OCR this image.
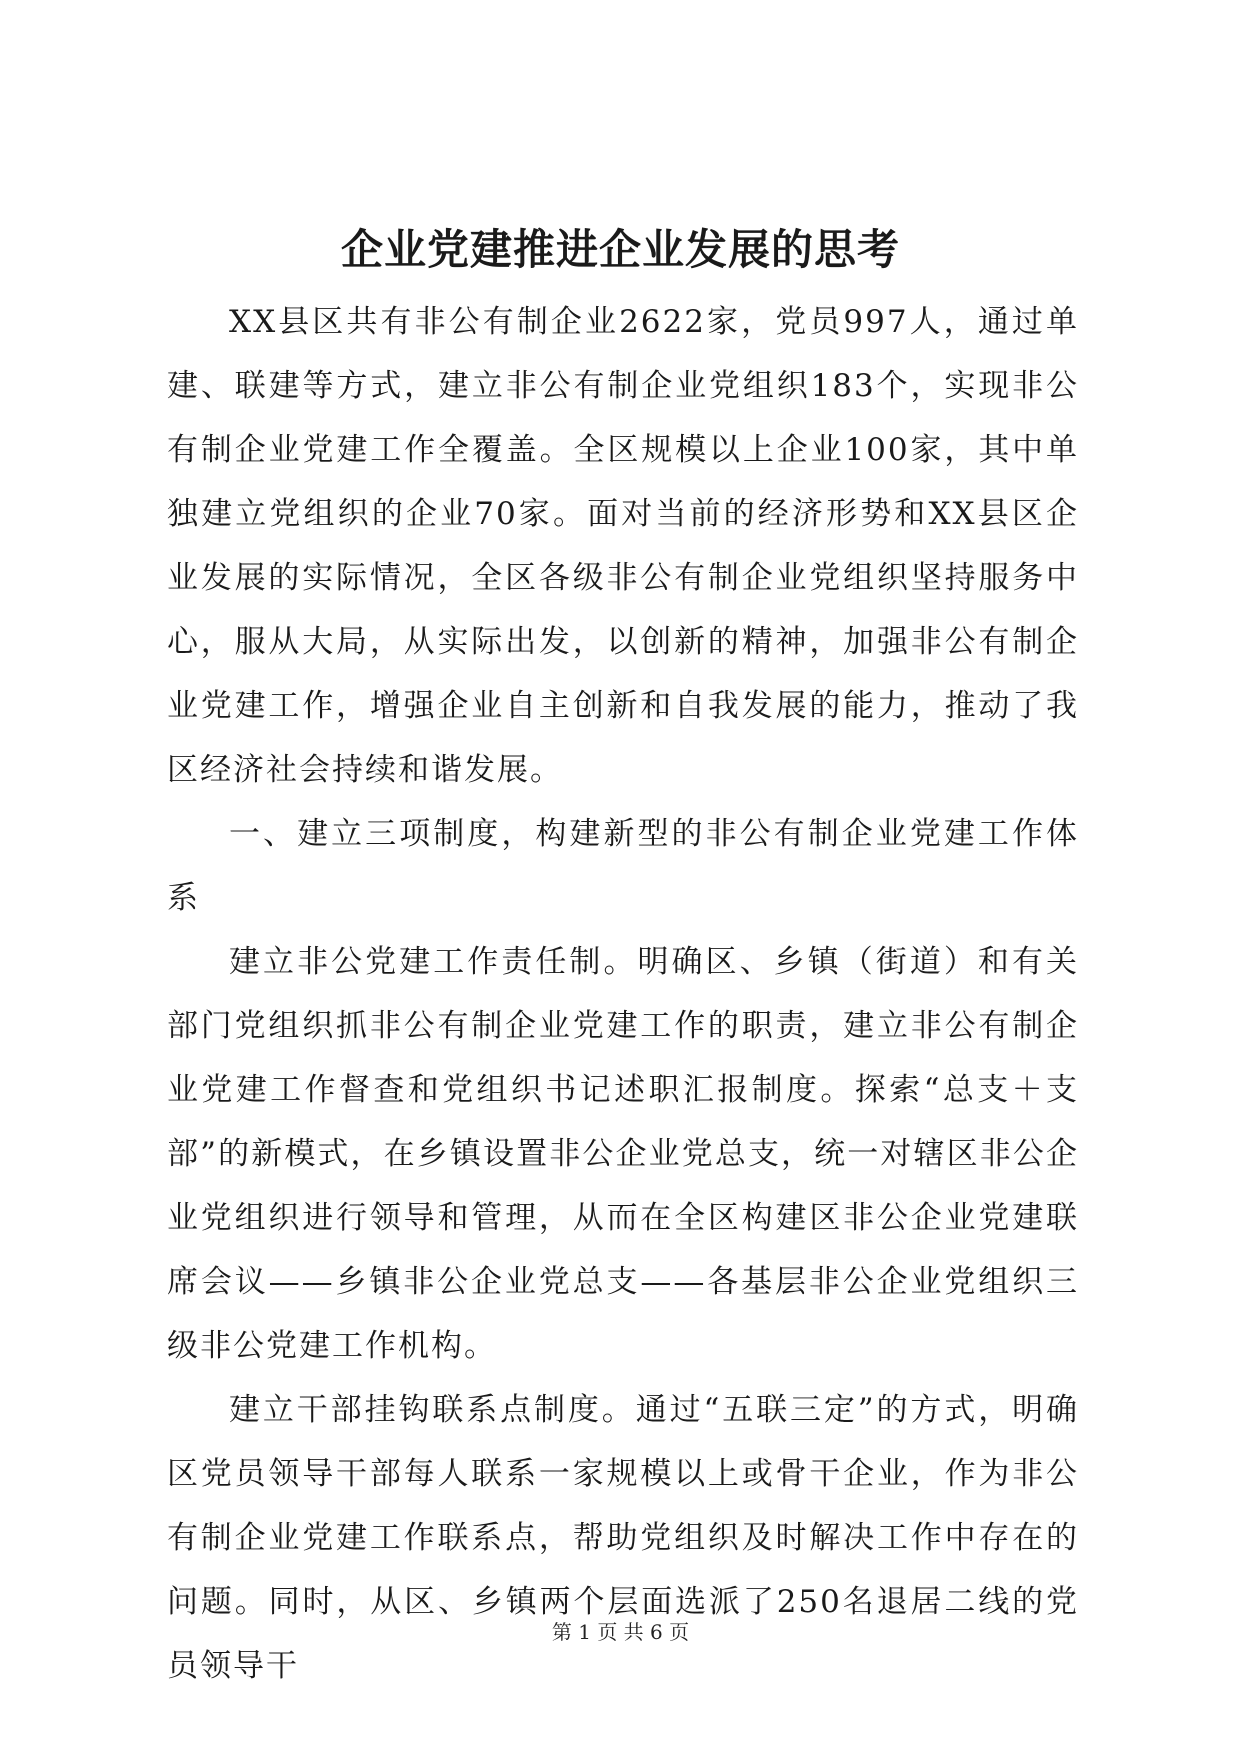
企业党建推进企业发展的思考

XX县区共有非公有制企业2622家，党员997人，通过单建、联建等方式，建立非公有制企业党组织183个，实现非公有制企业党建工作全覆盖。全区规模以上企业100家，其中单独建立党组织的企业70家。面对当前的经济形势和XX县区企业发展的实际情况，全区各级非公有制企业党组织坚持服务中心，服从大局，从实际出发，以创新的精神，加强非公有制企业党建工作，增强企业自主创新和自我发展的能力，推动了我区经济社会持续和谐发展。

一、建立三项制度，构建新型的非公有制企业党建工作体系

建立非公党建工作责任制。明确区、乡镇（街道）和有关部门党组织抓非公有制企业党建工作的职责，建立非公有制企业党建工作督查和党组织书记述职汇报制度。探索“总支＋支部”的新模式，在乡镇设置非公企业党总支，统一对辖区非公企业党组织进行领导和管理，从而在全区构建区非公企业党建联席会议——乡镇非公企业党总支——各基层非公企业党组织三级非公党建工作机构。

建立干部挂钩联系点制度。通过“五联三定”的方式，明确区党员领导干部每人联系一家规模以上或骨干企业，作为非公有制企业党建工作联系点，帮助党组织及时解决工作中存在的问题。同时，从区、乡镇两个层面选派了250名退居二线的党员领导干

第 1 页 共 6 页
